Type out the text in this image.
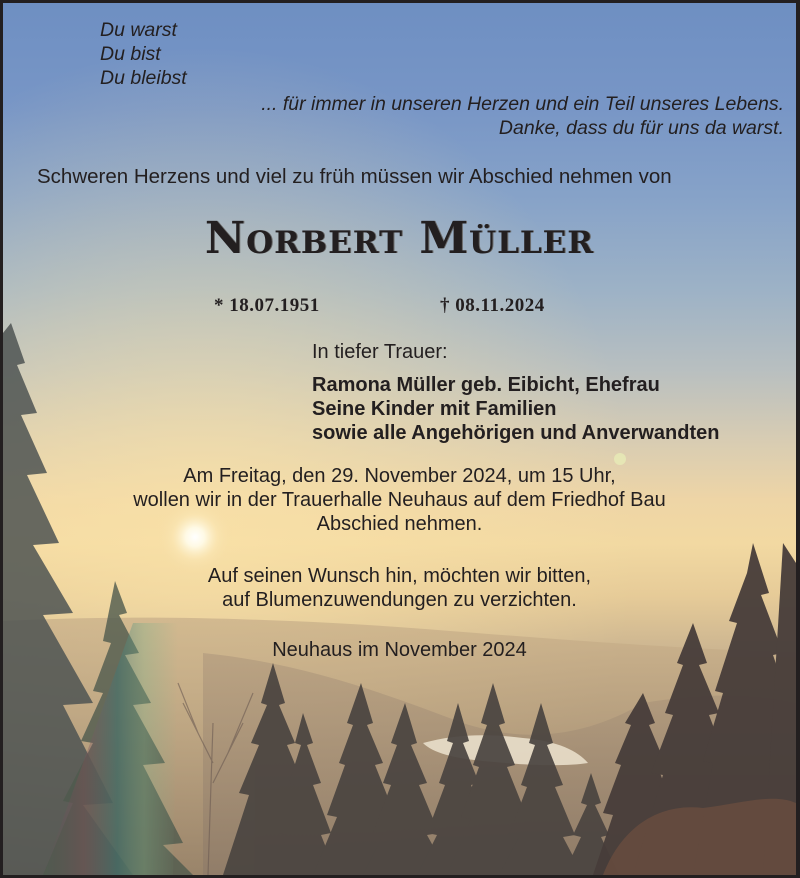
Du warst
Du bist
Du bleibst
... für immer in unseren Herzen und ein Teil unseres Lebens.
Danke, dass du für uns da warst.
Schweren Herzens und viel zu früh müssen wir Abschied nehmen von
Norbert Müller
* 18.07.1951	† 08.11.2024
In tiefer Trauer:
Ramona Müller geb. Eibicht, Ehefrau
Seine Kinder mit Familien
sowie alle Angehörigen und Anverwandten
Am Freitag, den 29. November 2024, um 15 Uhr,
wollen wir in der Trauerhalle Neuhaus auf dem Friedhof Bau
Abschied nehmen.
Auf seinen Wunsch hin, möchten wir bitten,
auf Blumenzuwendungen zu verzichten.
Neuhaus im November 2024
